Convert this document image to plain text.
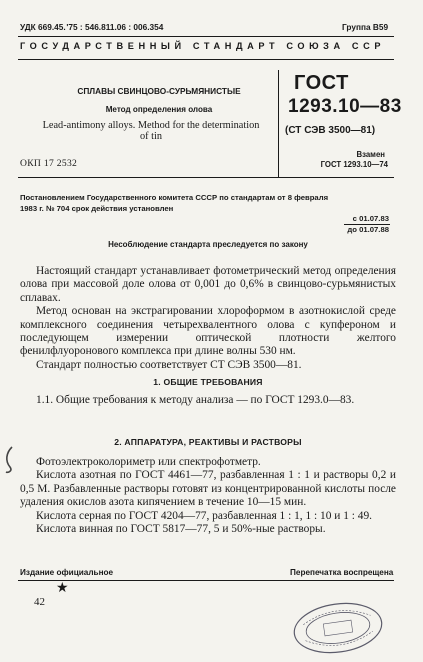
УДК 669.45. '75 : 546.811.06 : 006.354	Группа В59
ГОСУДАРСТВЕННЫЙ СТАНДАРТ СОЮЗА ССР
СПЛАВЫ СВИНЦОВО-СУРЬМЯНИСТЫЕ
Метод определения олова
Lead-antimony alloys. Method for the determination
of tin
ГОСТ
1293.10—83
(СТ СЭВ 3500—81)
ОКП 17 2532
Взамен
ГОСТ 1293.10—74
Постановлением Государственного комитета СССР по стандартам от 8 февраля
1983 г. № 704 срок действия установлен
с 01.07.83
до 01.07.88
Несоблюдение стандарта преследуется по закону

Настоящий стандарт устанавливает фотометрический метод определения олова при массовой доле олова от 0,001 до 0,6% в свинцово-сурьмянистых сплавах.

Метод основан на экстрагировании хлороформом в азотнокислой среде комплексного соединения четырехвалентного олова с купфероном и последующем измерении оптической плотности желтого фенилфлуоронового комплекса при длине волны 530 нм.

Стандарт полностью соответствует СТ СЭВ 3500—81.

1. ОБЩИЕ ТРЕБОВАНИЯ

1.1. Общие требования к методу анализа — по ГОСТ 1293.0—83.

2. АППАРАТУРА, РЕАКТИВЫ И РАСТВОРЫ

Фотоэлектроколориметр или спектрофотметр.

Кислота азотная по ГОСТ 4461—77, разбавленная 1 : 1 и растворы 0,2 и 0,5 М. Разбавленные растворы готовят из концентрированной кислоты после удаления окислов азота кипячением в течение 10—15 мин.

Кислота серная по ГОСТ 4204—77, разбавленная 1 : 1, 1 : 10 и 1 : 49.

Кислота винная по ГОСТ 5817—77, 5 и 50%-ные растворы.

Издание официальное	Перепечатка воспрещена
★
42
